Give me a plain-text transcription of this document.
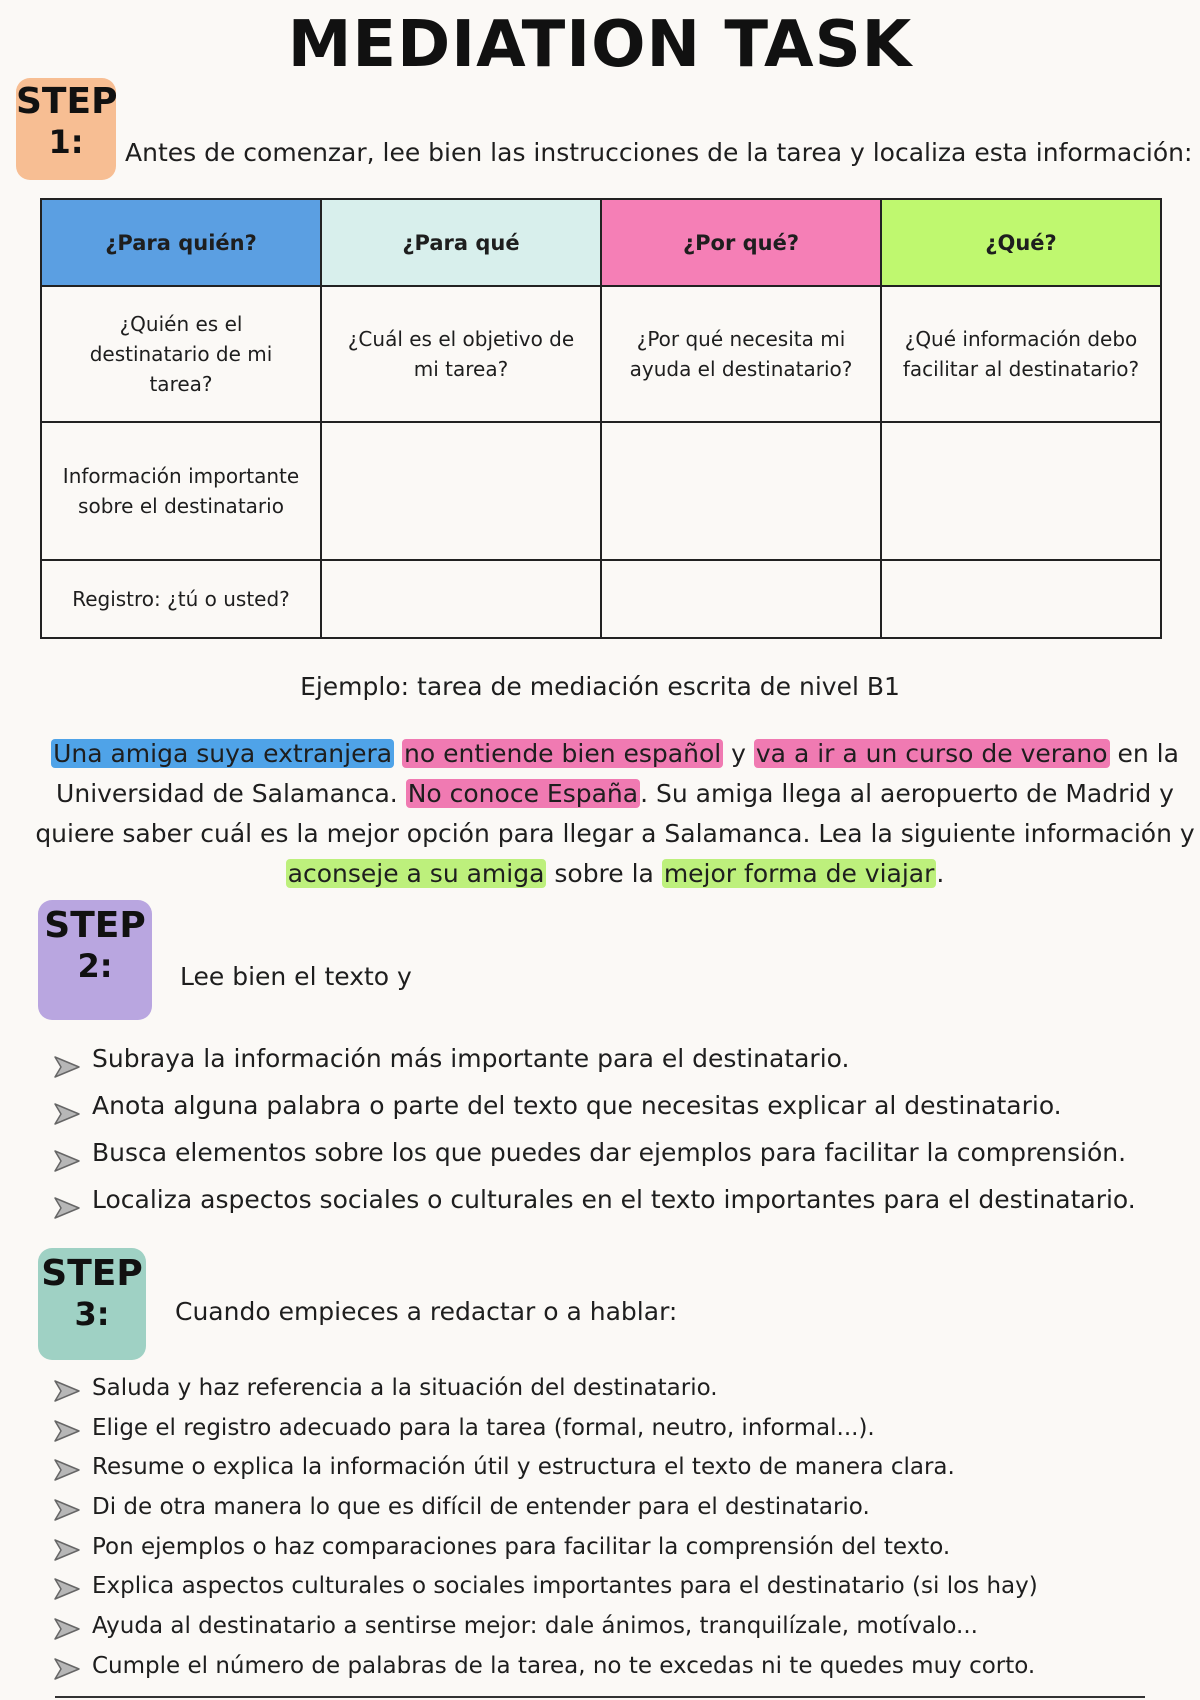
MEDIATION TASK
STEP
1:	Antes de comenzar, lee bien las instrucciones de la tarea y localiza esta información:
¿Para quién?	¿Para qué	¿Por qué?	¿Qué?
¿Quién es el destinatario de mi tarea?	¿Cuál es el objetivo de mi tarea?	¿Por qué necesita mi ayuda el destinatario?	¿Qué información debo facilitar al destinatario?
Información importante sobre el destinatario			
Registro: ¿tú o usted?			
Ejemplo: tarea de mediación escrita de nivel B1
Una amiga suya extranjera no entiende bien español y va a ir a un curso de verano en la Universidad de Salamanca. No conoce España. Su amiga llega al aeropuerto de Madrid y quiere saber cuál es la mejor opción para llegar a Salamanca. Lea la siguiente información y aconseje a su amiga sobre la mejor forma de viajar.
STEP
2:	Lee bien el texto y
Subraya la información más importante para el destinatario.
Anota alguna palabra o parte del texto que necesitas explicar al destinatario.
Busca elementos sobre los que puedes dar ejemplos para facilitar la comprensión.
Localiza aspectos sociales o culturales en el texto importantes para el destinatario.
STEP
3:	Cuando empieces a redactar o a hablar:
Saluda y haz referencia a la situación del destinatario.
Elige el registro adecuado para la tarea (formal, neutro, informal...).
Resume o explica la información útil y estructura el texto de manera clara.
Di de otra manera lo que es difícil de entender para el destinatario.
Pon ejemplos o haz comparaciones para facilitar la comprensión del texto.
Explica aspectos culturales o sociales importantes para el destinatario (si los hay)
Ayuda al destinatario a sentirse mejor: dale ánimos, tranquilízale, motívalo...
Cumple el número de palabras de la tarea, no te excedas ni te quedes muy corto.
